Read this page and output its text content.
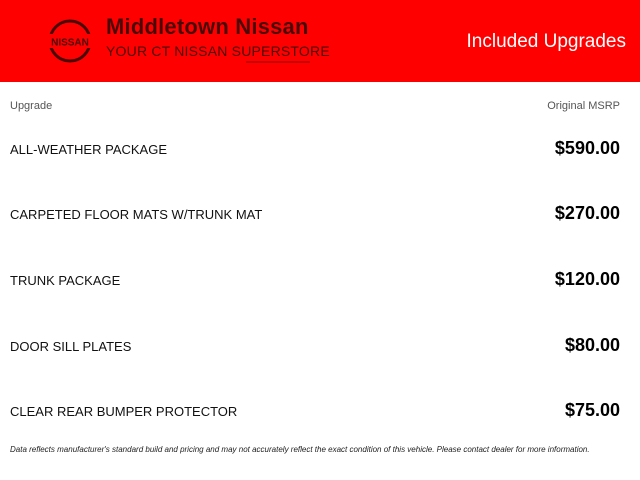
NISSAN
Middletown Nissan
YOUR CT NISSAN SUPERSTORE	Included Upgrades
Upgrade	Original MSRP
ALL-WEATHER PACKAGE	$590.00
CARPETED FLOOR MATS W/TRUNK MAT	$270.00
TRUNK PACKAGE	$120.00
DOOR SILL PLATES	$80.00
CLEAR REAR BUMPER PROTECTOR	$75.00
Data reflects manufacturer's standard build and pricing and may not accurately reflect the exact condition of this vehicle. Please contact dealer for more information.
